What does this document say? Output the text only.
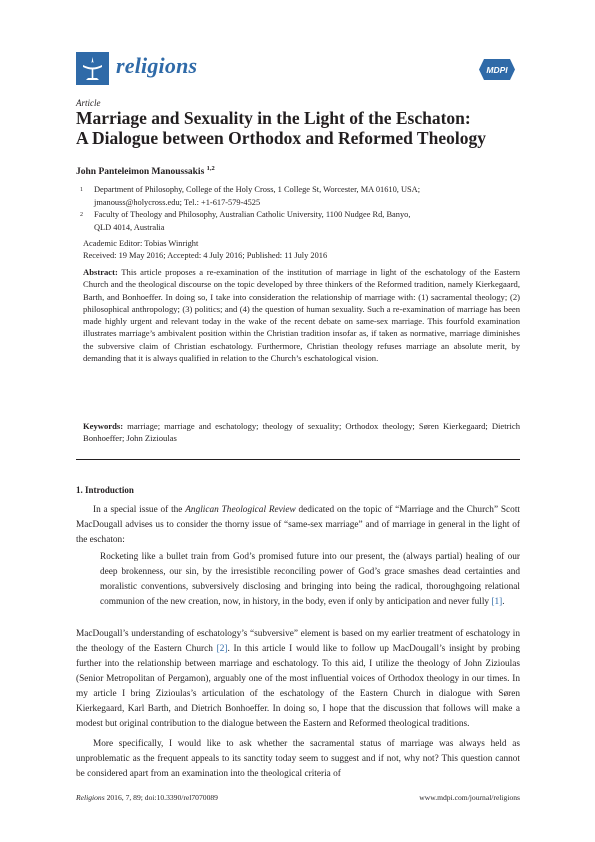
religions	MDPI
Article
Marriage and Sexuality in the Light of the Eschaton:
A Dialogue between Orthodox and Reformed Theology
John Panteleimon Manoussakis $^{1,2}$
1 Department of Philosophy, College of the Holy Cross, 1 College St, Worcester, MA 01610, USA;
jmanouss@holycross.edu; Tel.: +1-617-579-4525
2 Faculty of Theology and Philosophy, Australian Catholic University, 1100 Nudgee Rd, Banyo,
QLD 4014, Australia
Academic Editor: Tobias Winright
Received: 19 May 2016; Accepted: 4 July 2016; Published: 11 July 2016
Abstract: This article proposes a re-examination of the institution of marriage in light of the eschatology of the Eastern Church and the theological discourse on the topic developed by three thinkers of the Reformed tradition, namely Kierkegaard, Barth, and Bonhoeffer. In doing so, I take into consideration the relationship of marriage with: (1) sacramental theology; (2) philosophical anthropology; (3) politics; and (4) the question of human sexuality. Such a re-examination of marriage has been made highly urgent and relevant today in the wake of the recent debate on same-sex marriage. This fourfold examination illustrates marriage’s ambivalent position within the Christian tradition insofar as, if taken as normative, marriage diminishes the subversive claim of Christian eschatology. Furthermore, Christian theology refuses marriage an absolute merit, by demanding that it is always qualified in relation to the Church’s eschatological vision.
Keywords: marriage; marriage and eschatology; theology of sexuality; Orthodox theology; Søren Kierkegaard; Dietrich Bonhoeffer; John Zizioulas
1. Introduction
In a special issue of the Anglican Theological Review dedicated on the topic of “Marriage and the Church” Scott MacDougall advises us to consider the thorny issue of “same-sex marriage” and of marriage in general in the light of the eschaton:
Rocketing like a bullet train from God’s promised future into our present, the (always partial) healing of our deep brokenness, our sin, by the irresistible reconciling power of God’s grace smashes dead certainties and moralistic conventions, subversively disclosing and bringing into being the radical, thoroughgoing relational communion of the new creation, now, in history, in the body, even if only by anticipation and never fully [1].
MacDougall’s understanding of eschatology’s “subversive” element is based on my earlier treatment of eschatology in the theology of the Eastern Church [2]. In this article I would like to follow up MacDougall’s insight by probing further into the relationship between marriage and eschatology. To this aid, I utilize the theology of John Zizioulas (Senior Metropolitan of Pergamon), arguably one of the most influential voices of Orthodox theology in our times. In my article I bring Zizioulas’s articulation of the eschatology of the Eastern Church in dialogue with Søren Kierkegaard, Karl Barth, and Dietrich Bonhoeffer. In doing so, I hope that the discussion that follows will make a modest but original contribution to the dialogue between the Eastern and Reformed theological traditions.
More specifically, I would like to ask whether the sacramental status of marriage was always held as unproblematic as the frequent appeals to its sanctity today seem to suggest and if not, why not? This question cannot be considered apart from an examination into the theological criteria of
Religions 2016, 7, 89; doi:10.3390/rel7070089	www.mdpi.com/journal/religions
